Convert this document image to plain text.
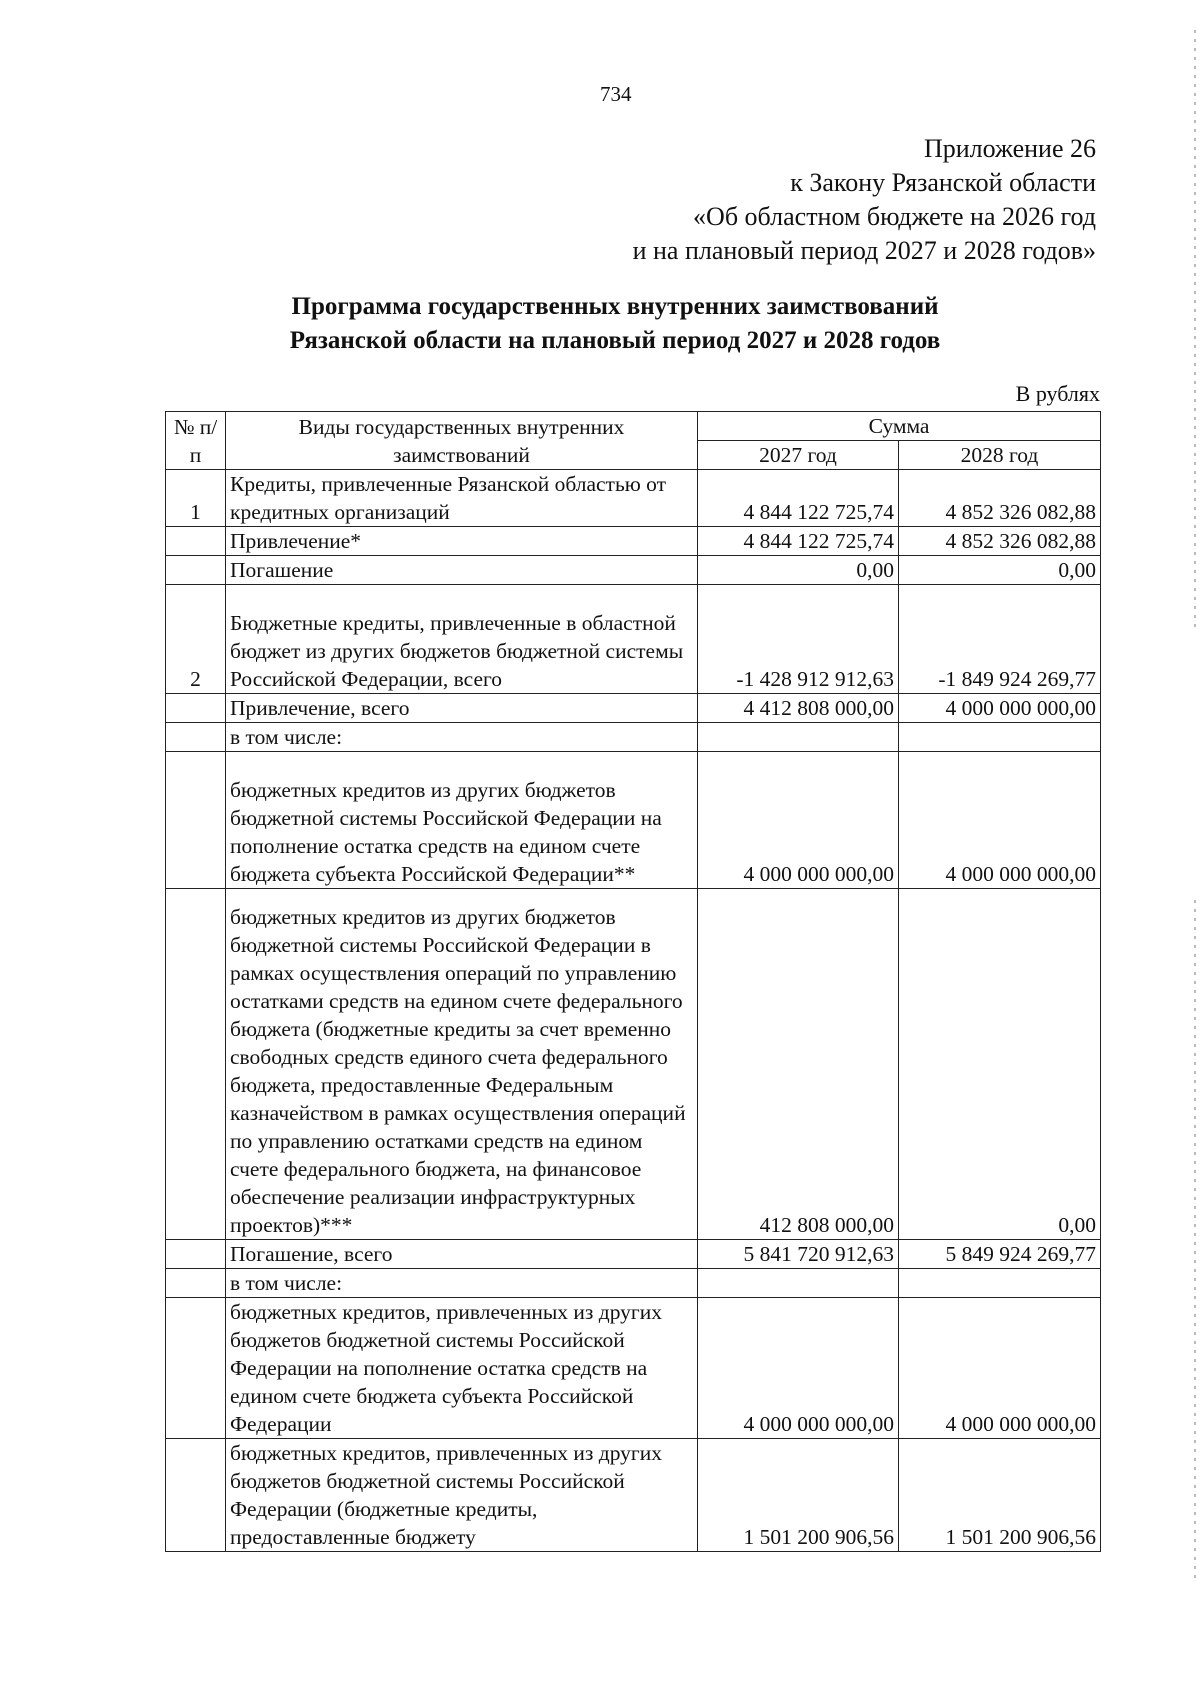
734
Приложение 26
к Закону Рязанской области
«Об областном бюджете на 2026 год
и на плановый период 2027 и 2028 годов»
Программа государственных внутренних заимствований
Рязанской области на плановый период 2027 и 2028 годов
В рублях
№ п/п	Виды государственных внутренних заимствований	Сумма	
		2027 год	2028 год
1	Кредиты, привлеченные Рязанской областью от кредитных организаций	4 844 122 725,74	4 852 326 082,88
	Привлечение*	4 844 122 725,74	4 852 326 082,88
	Погашение	0,00	0,00
2	Бюджетные кредиты, привлеченные в областной бюджет из других бюджетов бюджетной системы Российской Федерации, всего	-1 428 912 912,63	-1 849 924 269,77
	Привлечение, всего	4 412 808 000,00	4 000 000 000,00
	в том числе:		
	бюджетных кредитов из других бюджетов бюджетной системы Российской Федерации на пополнение остатка средств на едином счете бюджета субъекта Российской Федерации**	4 000 000 000,00	4 000 000 000,00
	бюджетных кредитов из других бюджетов бюджетной системы Российской Федерации в рамках осуществления операций по управлению остатками средств на едином счете федерального бюджета (бюджетные кредиты за счет временно свободных средств единого счета федерального бюджета, предоставленные Федеральным казначейством в рамках осуществления операций по управлению остатками средств на едином счете федерального бюджета, на финансовое обеспечение реализации инфраструктурных проектов)***	412 808 000,00	0,00
	Погашение, всего	5 841 720 912,63	5 849 924 269,77
	в том числе:		
	бюджетных кредитов, привлеченных из других бюджетов бюджетной системы Российской Федерации на пополнение остатка средств на едином счете бюджета субъекта Российской Федерации	4 000 000 000,00	4 000 000 000,00
	бюджетных кредитов, привлеченных из других бюджетов бюджетной системы Российской Федерации (бюджетные кредиты, предоставленные бюджету	1 501 200 906,56	1 501 200 906,56
